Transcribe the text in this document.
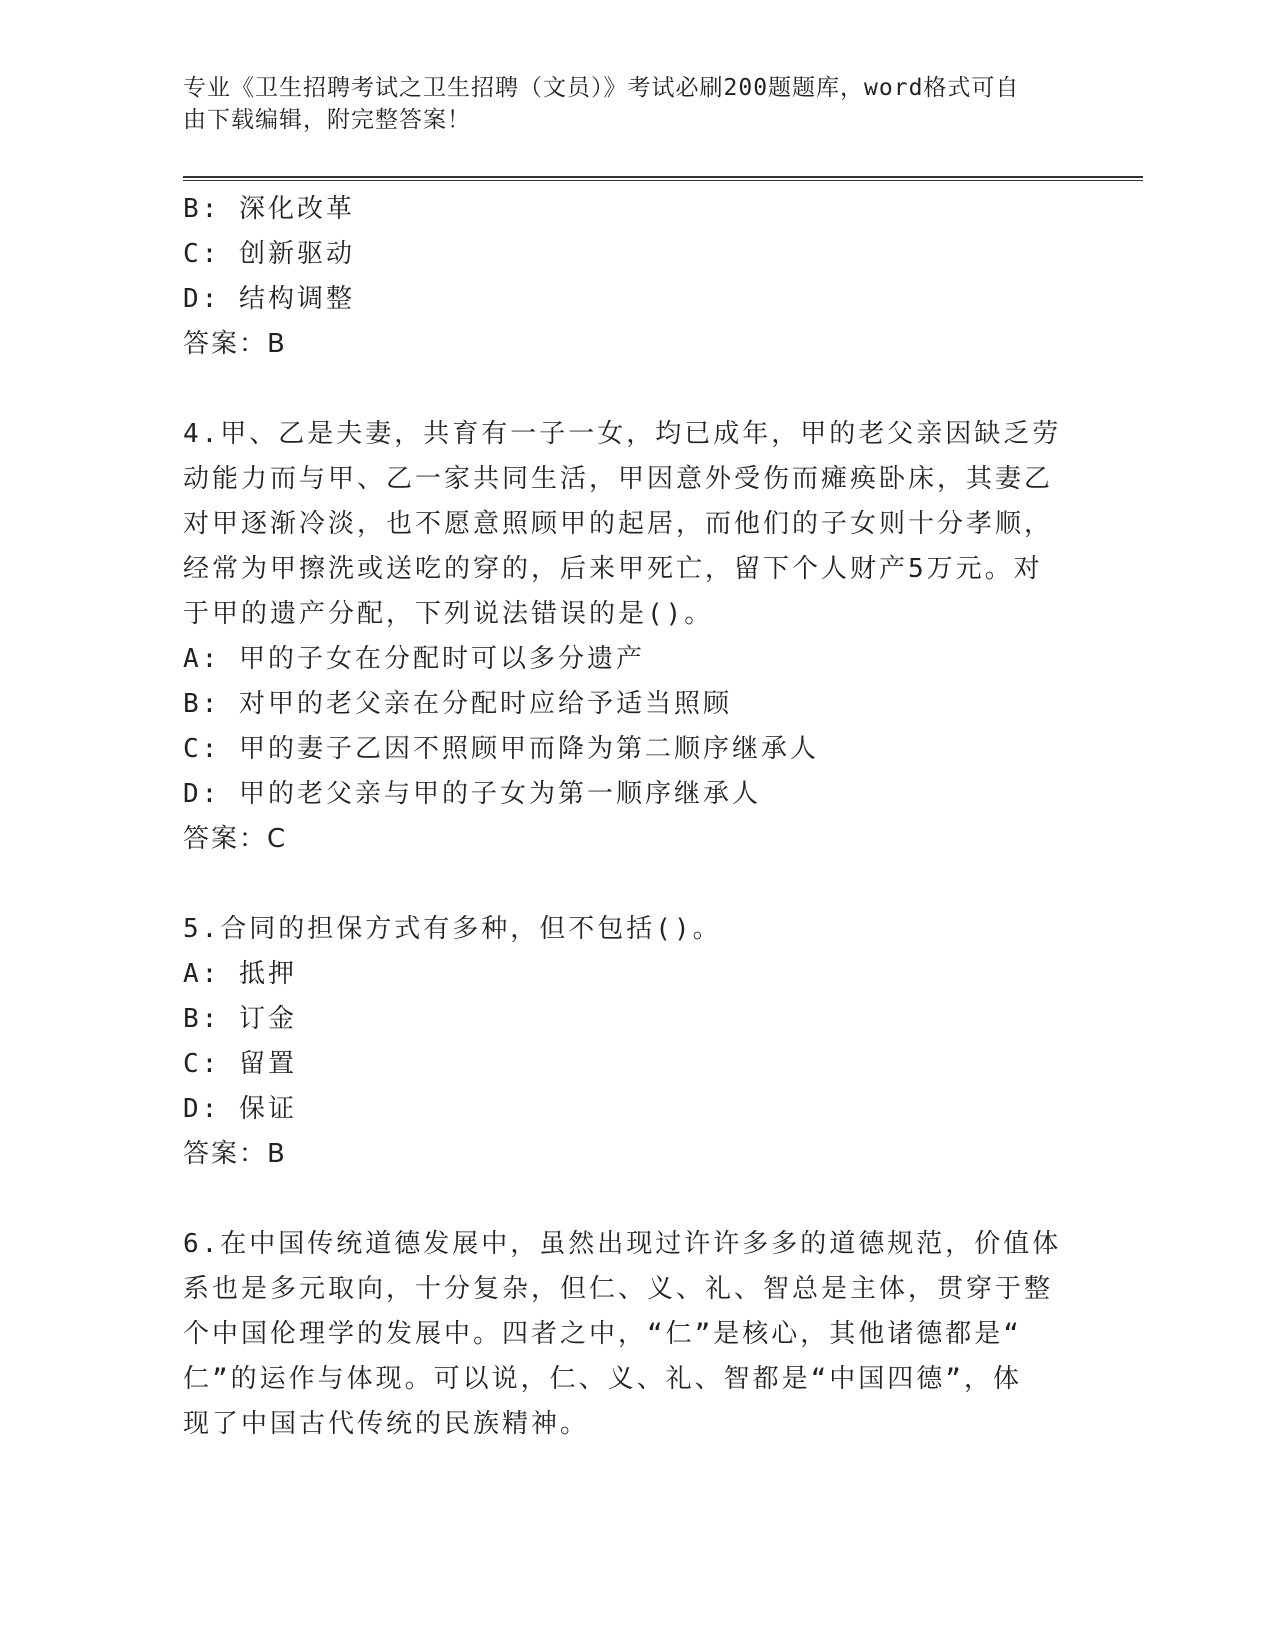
专业《卫生招聘考试之卫生招聘（文员）》考试必刷200题题库，word格式可自
由下载编辑，附完整答案！
B: 深化改革
C: 创新驱动
D: 结构调整
答案：B
4.甲、乙是夫妻，共育有一子一女，均已成年，甲的老父亲因缺乏劳
动能力而与甲、乙一家共同生活，甲因意外受伤而瘫痪卧床，其妻乙
对甲逐渐冷淡，也不愿意照顾甲的起居，而他们的子女则十分孝顺，
经常为甲擦洗或送吃的穿的，后来甲死亡，留下个人财产5万元。对
于甲的遗产分配，下列说法错误的是()。
A: 甲的子女在分配时可以多分遗产
B: 对甲的老父亲在分配时应给予适当照顾
C: 甲的妻子乙因不照顾甲而降为第二顺序继承人
D: 甲的老父亲与甲的子女为第一顺序继承人
答案：C
5.合同的担保方式有多种，但不包括()。
A: 抵押
B: 订金
C: 留置
D: 保证
答案：B
6.在中国传统道德发展中，虽然出现过许许多多的道德规范，价值体
系也是多元取向，十分复杂，但仁、义、礼、智总是主体，贯穿于整
个中国伦理学的发展中。四者之中，“仁”是核心，其他诸德都是“
仁”的运作与体现。可以说，仁、义、礼、智都是“中国四德”，体
现了中国古代传统的民族精神。
